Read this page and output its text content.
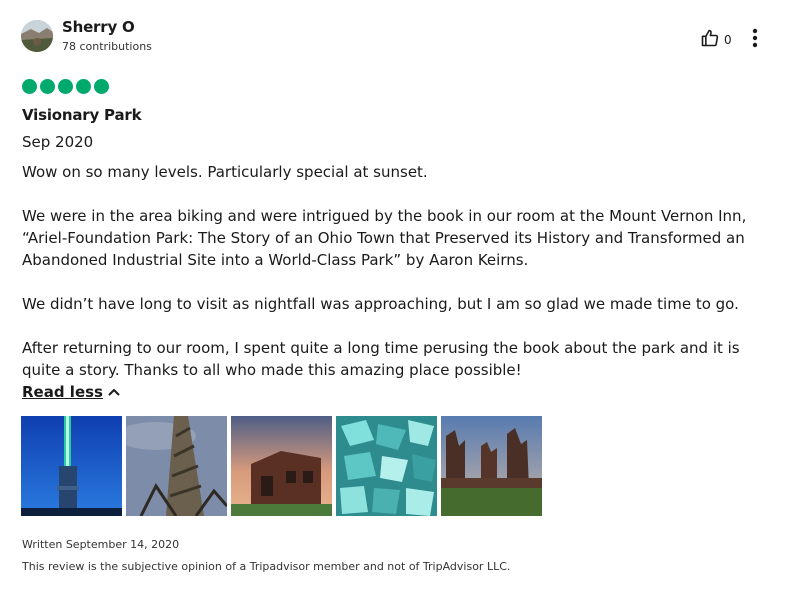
Sherry O
78 contributions	0
Visionary Park
Sep 2020

Wow on so many levels. Particularly special at sunset.

We were in the area biking and were intrigued by the book in our room at the Mount Vernon Inn, “Ariel-Foundation Park: The Story of an Ohio Town that Preserved its History and Transformed an Abandoned Industrial Site into a World-Class Park” by Aaron Keirns.

We didn’t have long to visit as nightfall was approaching, but I am so glad we made time to go.

After returning to our room, I spent quite a long time perusing the book about the park and it is quite a story. Thanks to all who made this amazing place possible!

Read less
Written September 14, 2020
This review is the subjective opinion of a Tripadvisor member and not of TripAdvisor LLC.
